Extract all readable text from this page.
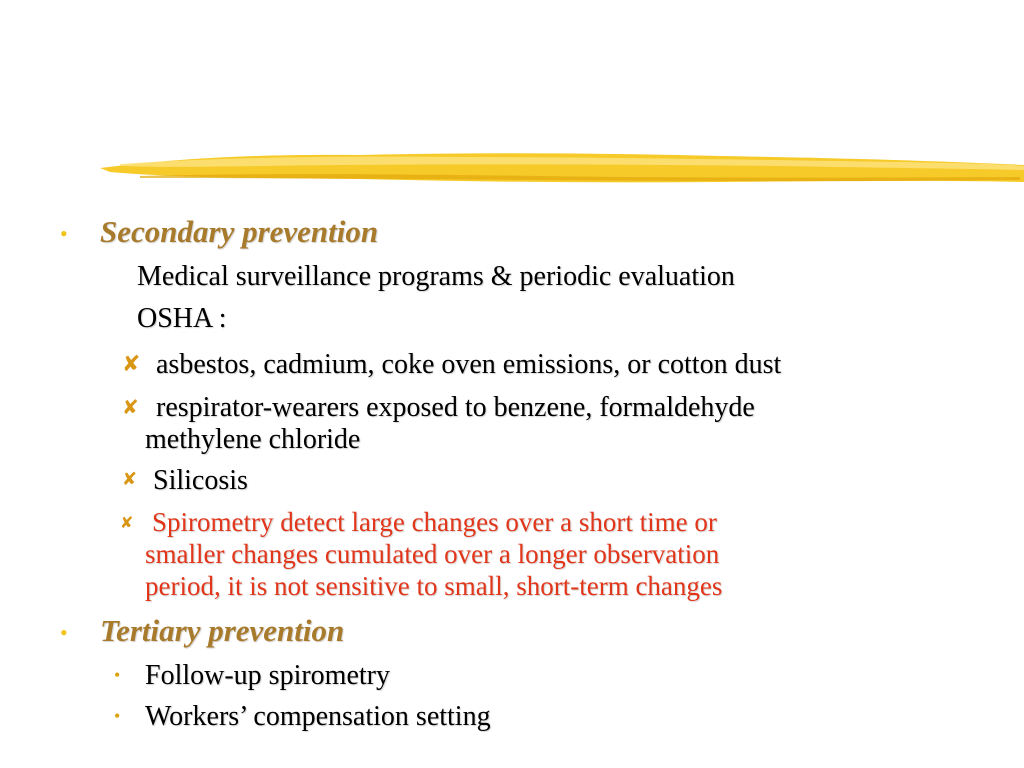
• Secondary prevention
Medical surveillance programs & periodic evaluation
OSHA :
✘ asbestos, cadmium, coke oven emissions, or cotton dust
✘ respirator-wearers exposed to benzene, formaldehyde
methylene chloride
✘ Silicosis
✘ Spirometry detect large changes over a short time or
smaller changes cumulated over a longer observation
period, it is not sensitive to small, short-term changes
• Tertiary prevention
• Follow-up spirometry
• Workers’ compensation setting
